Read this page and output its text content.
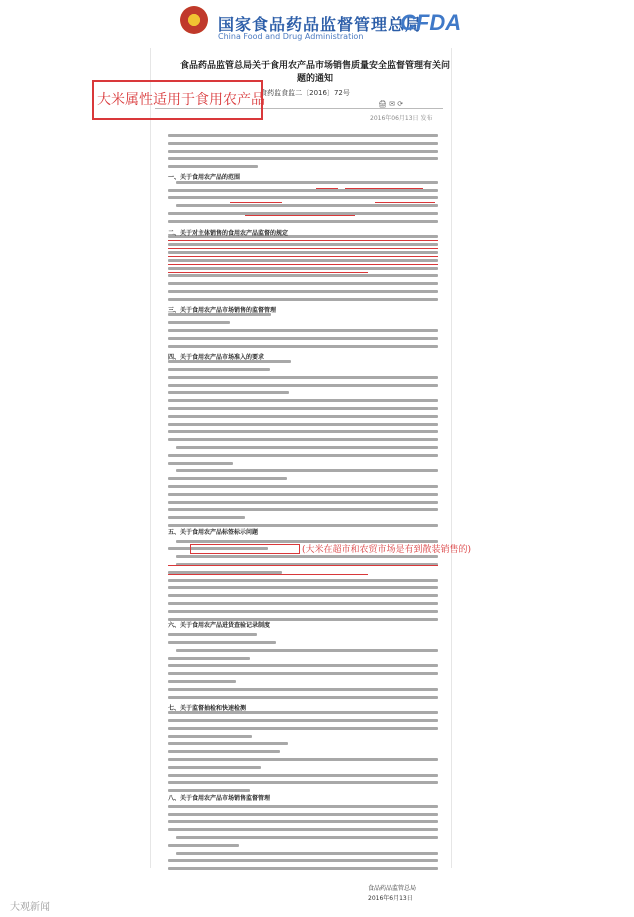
国家食品药品监督管理总局
China Food and Drug Administration
CFDA
食品药品监管总局关于食用农产品市场销售质量安全监督管理有关问题的通知
食药监食监二〔2016〕72号
🖨 ✉ ⟳
2016年06月13日 发布
大米属性适用于食用农产品
(大米在超市和农贸市场是有到散装销售的)
一、关于食用农产品的范围
二、关于对主体销售的食用农产品监督的规定
三、关于食用农产品市场销售的监督管理
四、关于食用农产品市场准入的要求
五、关于食用农产品标签标示问题
六、关于食用农产品进货查验记录制度
七、关于监督抽检和快速检测
八、关于食用农产品市场销售监督管理
食品药品监管总局
2016年6月13日
大观新闻
